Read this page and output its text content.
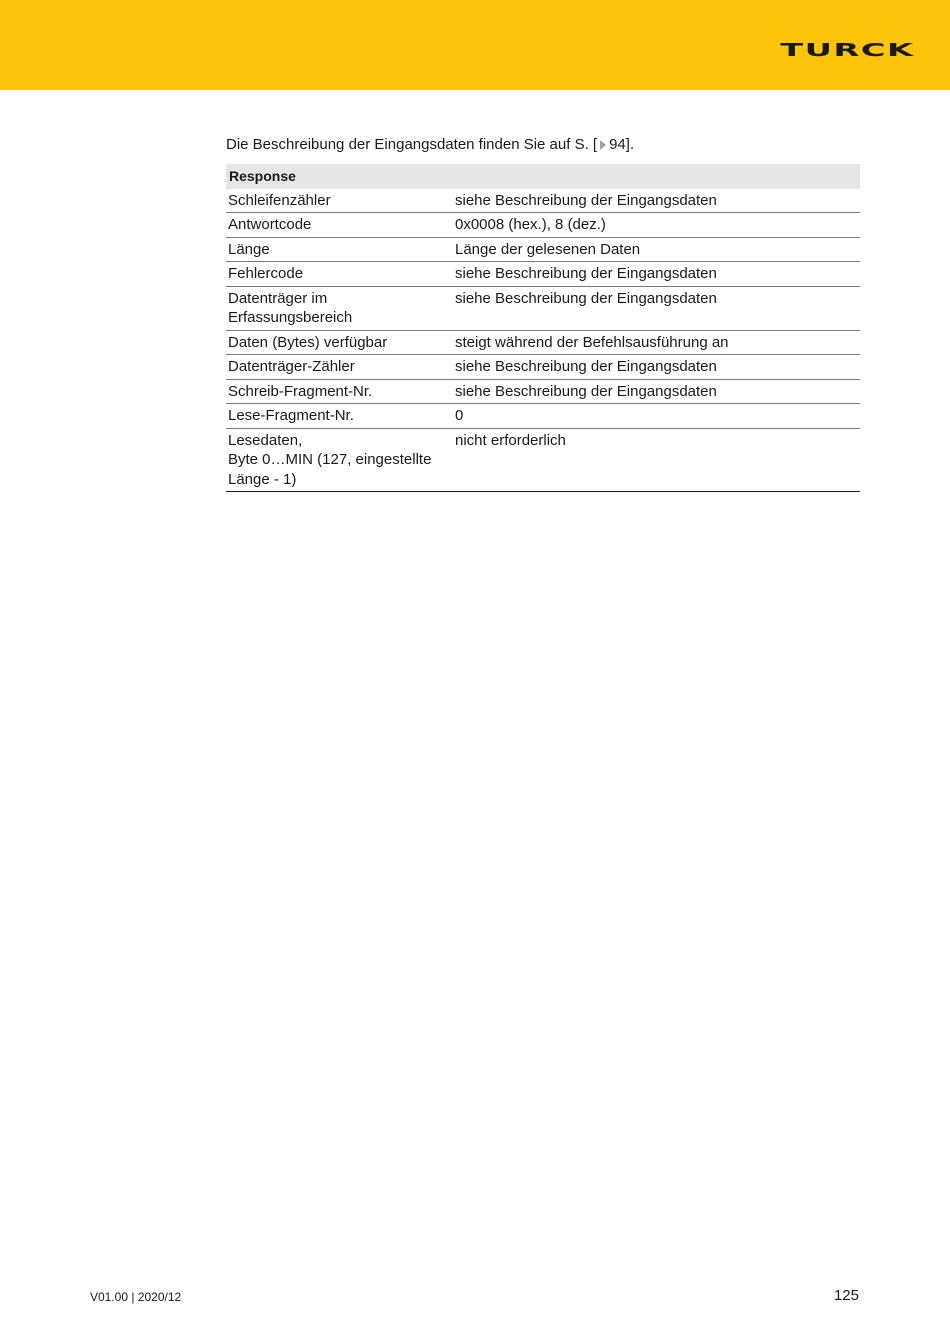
TURCK
Die Beschreibung der Eingangsdaten finden Sie auf S. [ 94].
Response	
Schleifenzähler	siehe Beschreibung der Eingangsdaten
Antwortcode	0x0008 (hex.), 8 (dez.)
Länge	Länge der gelesenen Daten
Fehlercode	siehe Beschreibung der Eingangsdaten
Datenträger im Erfassungsbereich	siehe Beschreibung der Eingangsdaten
Daten (Bytes) verfügbar	steigt während der Befehlsausführung an
Datenträger-Zähler	siehe Beschreibung der Eingangsdaten
Schreib-Fragment-Nr.	siehe Beschreibung der Eingangsdaten
Lese-Fragment-Nr.	0
Lesedaten,
Byte 0…MIN (127, eingestellte
Länge - 1)	nicht erforderlich
V01.00 | 2020/12	125
